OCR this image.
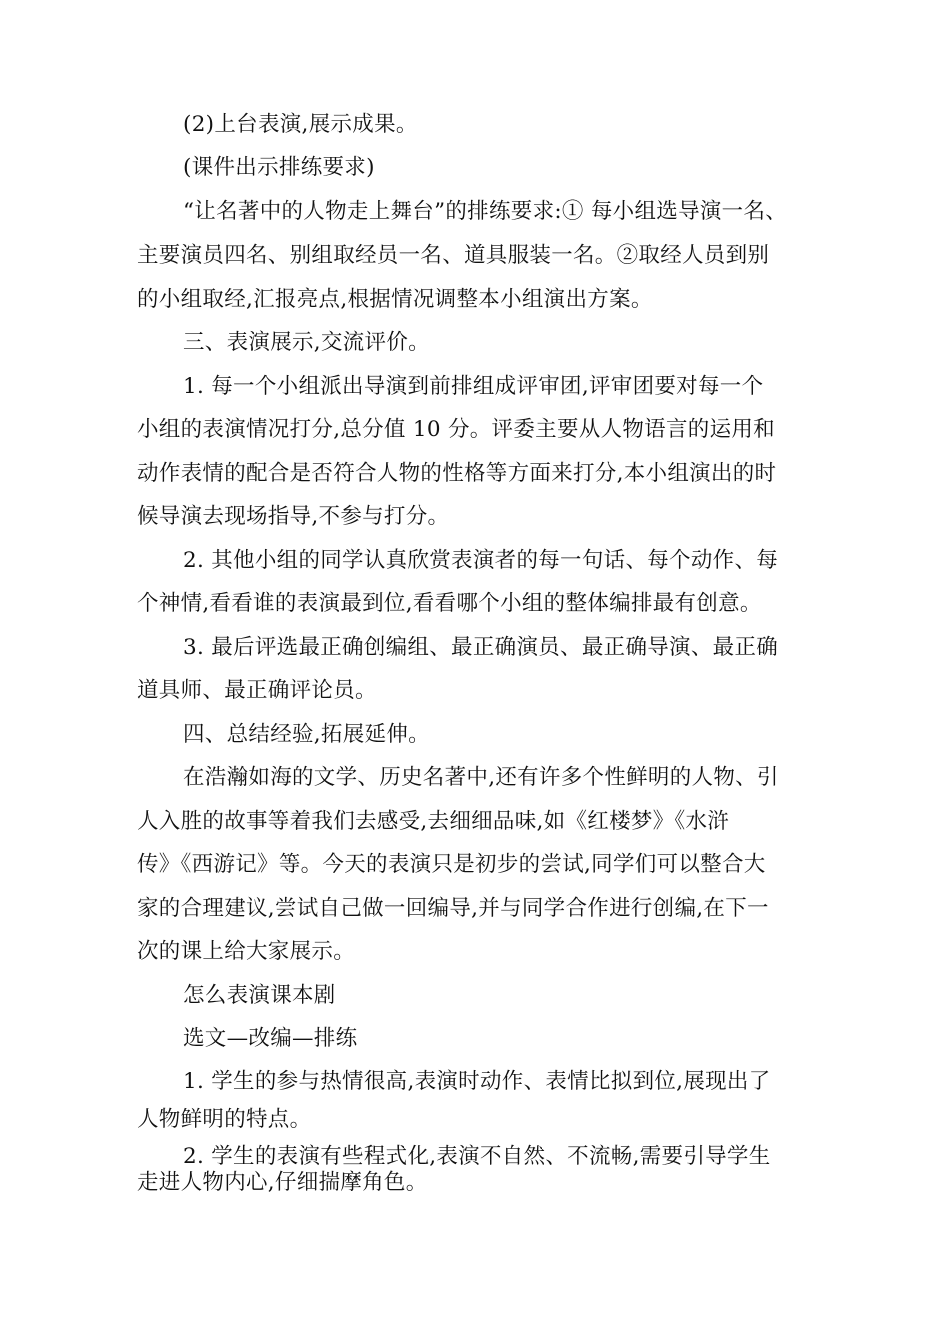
(2)上台表演,展示成果。
(课件出示排练要求)
“让名著中的人物走上舞台”的排练要求:① 每小组选导演一名、
主要演员四名、别组取经员一名、道具服装一名。②取经人员到别
的小组取经,汇报亮点,根据情况调整本小组演出方案。
三、表演展示,交流评价。
1. 每一个小组派出导演到前排组成评审团,评审团要对每一个
小组的表演情况打分,总分值 10 分。评委主要从人物语言的运用和
动作表情的配合是否符合人物的性格等方面来打分,本小组演出的时
候导演去现场指导,不参与打分。
2. 其他小组的同学认真欣赏表演者的每一句话、每个动作、每
个神情,看看谁的表演最到位,看看哪个小组的整体编排最有创意。
3. 最后评选最正确创编组、最正确演员、最正确导演、最正确
道具师、最正确评论员。
四、总结经验,拓展延伸。
在浩瀚如海的文学、历史名著中,还有许多个性鲜明的人物、引
人入胜的故事等着我们去感受,去细细品味,如《红楼梦》《水浒
传》《西游记》等。今天的表演只是初步的尝试,同学们可以整合大
家的合理建议,尝试自己做一回编导,并与同学合作进行创编,在下一
次的课上给大家展示。
怎么表演课本剧
选文—改编—排练
1. 学生的参与热情很高,表演时动作、表情比拟到位,展现出了
人物鲜明的特点。
2. 学生的表演有些程式化,表演不自然、不流畅,需要引导学生
走进人物内心,仔细揣摩角色。
